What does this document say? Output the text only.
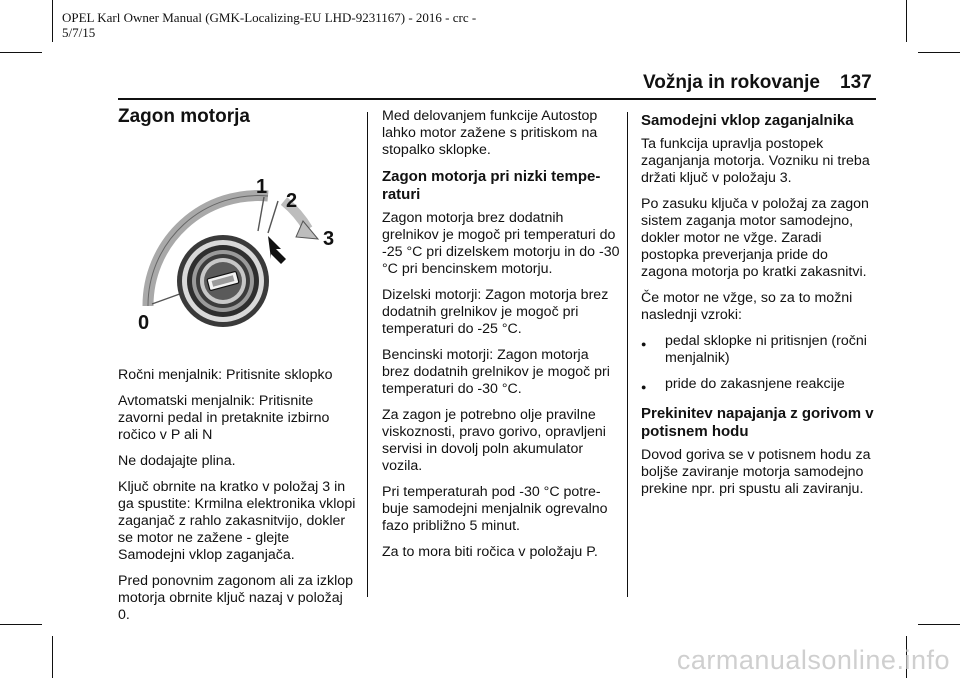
OPEL Karl Owner Manual (GMK-Localizing-EU LHD-9231167) - 2016 - crc -
5/7/15
Vožnja in rokovanje 137
Zagon motorja
1
2
3
0

Ročni menjalnik: Pritisnite sklopko

Avtomatski menjalnik: Pritisnite zavorni pedal in pretaknite izbirno ročico v P ali N

Ne dodajajte plina.

Ključ obrnite na kratko v položaj 3 in ga spustite: Krmilna elektronika vklopi zaganjač z rahlo zakasnitvijo, dokler se motor ne zažene - glejte Samodejni vklop zaganjača.

Pred ponovnim zagonom ali za izklop motorja obrnite ključ nazaj v položaj 0.

Med delovanjem funkcije Autostop lahko motor zažene s pritiskom na stopalko sklopke.

Zagon motorja pri nizki tempe-raturi

Zagon motorja brez dodatnih grelnikov je mogoč pri temperaturi do -25 °C pri dizelskem motorju in do -30 °C pri bencinskem motorju.

Dizelski motorji: Zagon motorja brez dodatnih grelnikov je mogoč pri temperaturi do -25 °C.

Bencinski motorji: Zagon motorja brez dodatnih grelnikov je mogoč pri temperaturi do -30 °C.

Za zagon je potrebno olje pravilne viskoznosti, pravo gorivo, opravljeni servisi in dovolj poln akumulator vozila.

Pri temperaturah pod -30 °C potre-buje samodejni menjalnik ogrevalno fazo približno 5 minut.

Za to mora biti ročica v položaju P.

Samodejni vklop zaganjalnika

Ta funkcija upravlja postopek zaganjanja motorja. Vozniku ni treba držati ključ v položaju 3.

Po zasuku ključa v položaj za zagon sistem zaganja motor samodejno, dokler motor ne vžge. Zaradi postopka preverjanja pride do zagona motorja po kratki zakasnitvi.

Če motor ne vžge, so za to možni naslednji vzroki:

●	pedal sklopke ni pritisnjen (ročni menjalnik)
●	pride do zakasnjene reakcije
Prekinitev napajanja z gorivom v potisnem hodu

Dovod goriva se v potisnem hodu za boljše zaviranje motorja samodejno prekine npr. pri spustu ali zaviranju.

carmanualsonline.info
